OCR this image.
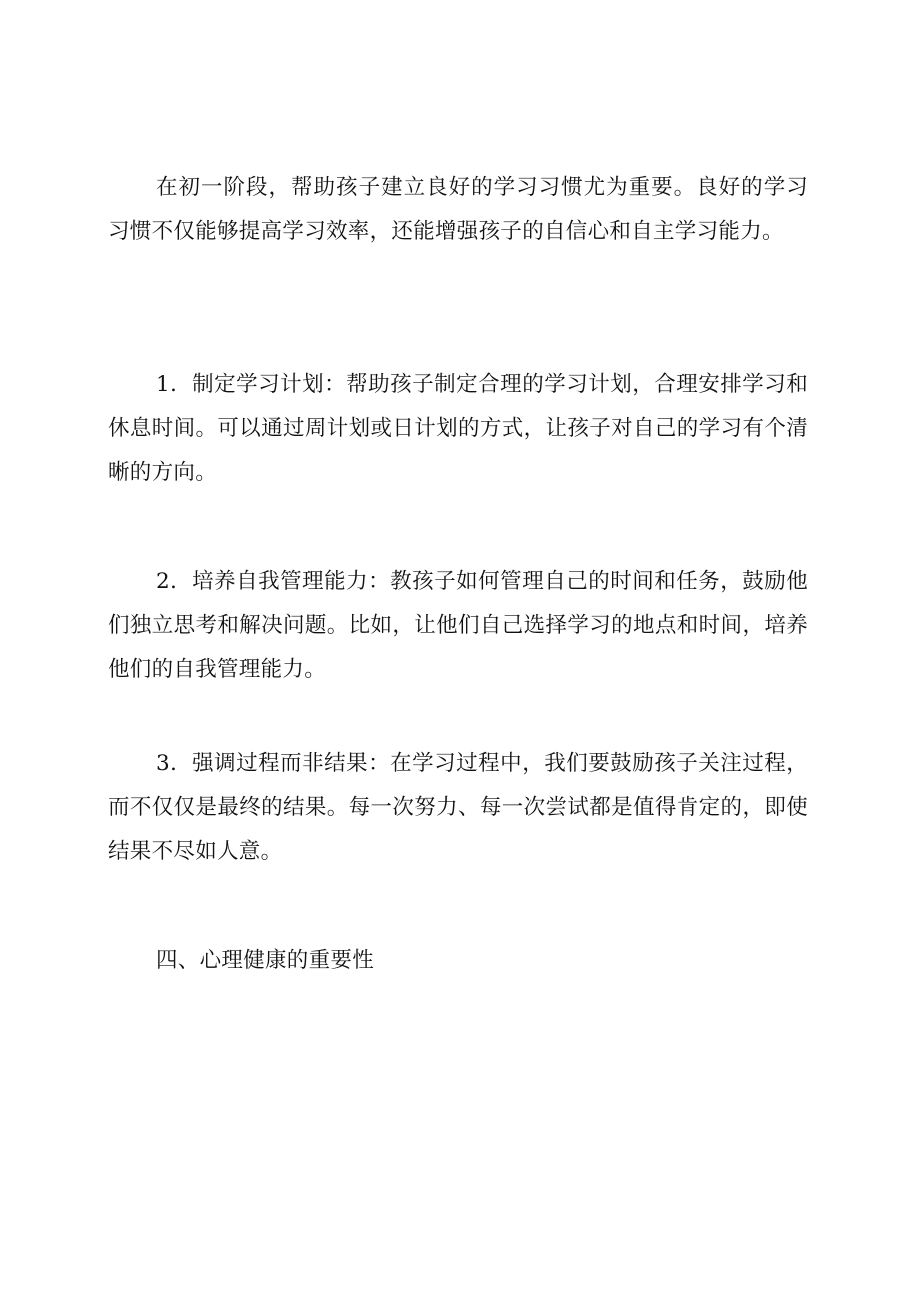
在初一阶段，帮助孩子建立良好的学习习惯尤为重要。良好的学习习惯不仅能够提高学习效率，还能增强孩子的自信心和自主学习能力。

1．制定学习计划：帮助孩子制定合理的学习计划，合理安排学习和休息时间。可以通过周计划或日计划的方式，让孩子对自己的学习有个清晰的方向。

2．培养自我管理能力：教孩子如何管理自己的时间和任务，鼓励他们独立思考和解决问题。比如，让他们自己选择学习的地点和时间，培养他们的自我管理能力。

3．强调过程而非结果：在学习过程中，我们要鼓励孩子关注过程，而不仅仅是最终的结果。每一次努力、每一次尝试都是值得肯定的，即使结果不尽如人意。

四、心理健康的重要性
